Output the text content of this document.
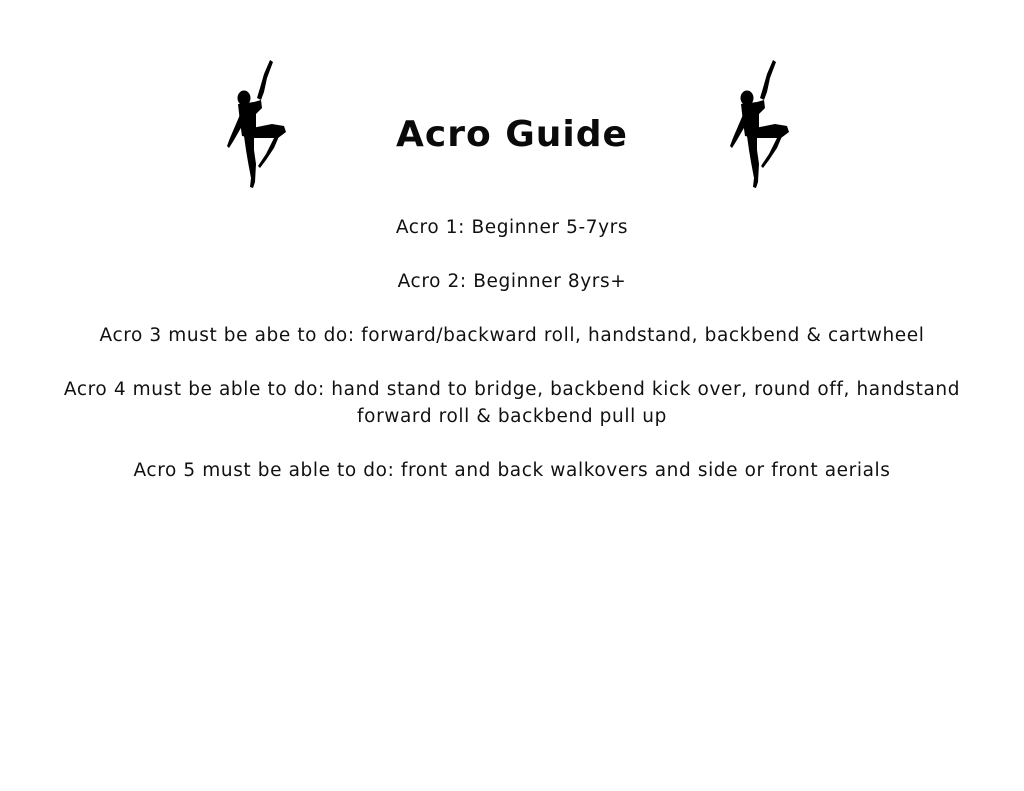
Acro Guide

Acro 1: Beginner 5-7yrs

Acro 2: Beginner 8yrs+

Acro 3 must be abe to do: forward/backward roll, handstand, backbend & cartwheel

Acro 4 must be able to do: hand stand to bridge, backbend kick over, round off, handstand forward roll & backbend pull up

Acro 5 must be able to do: front and back walkovers and side or front aerials
